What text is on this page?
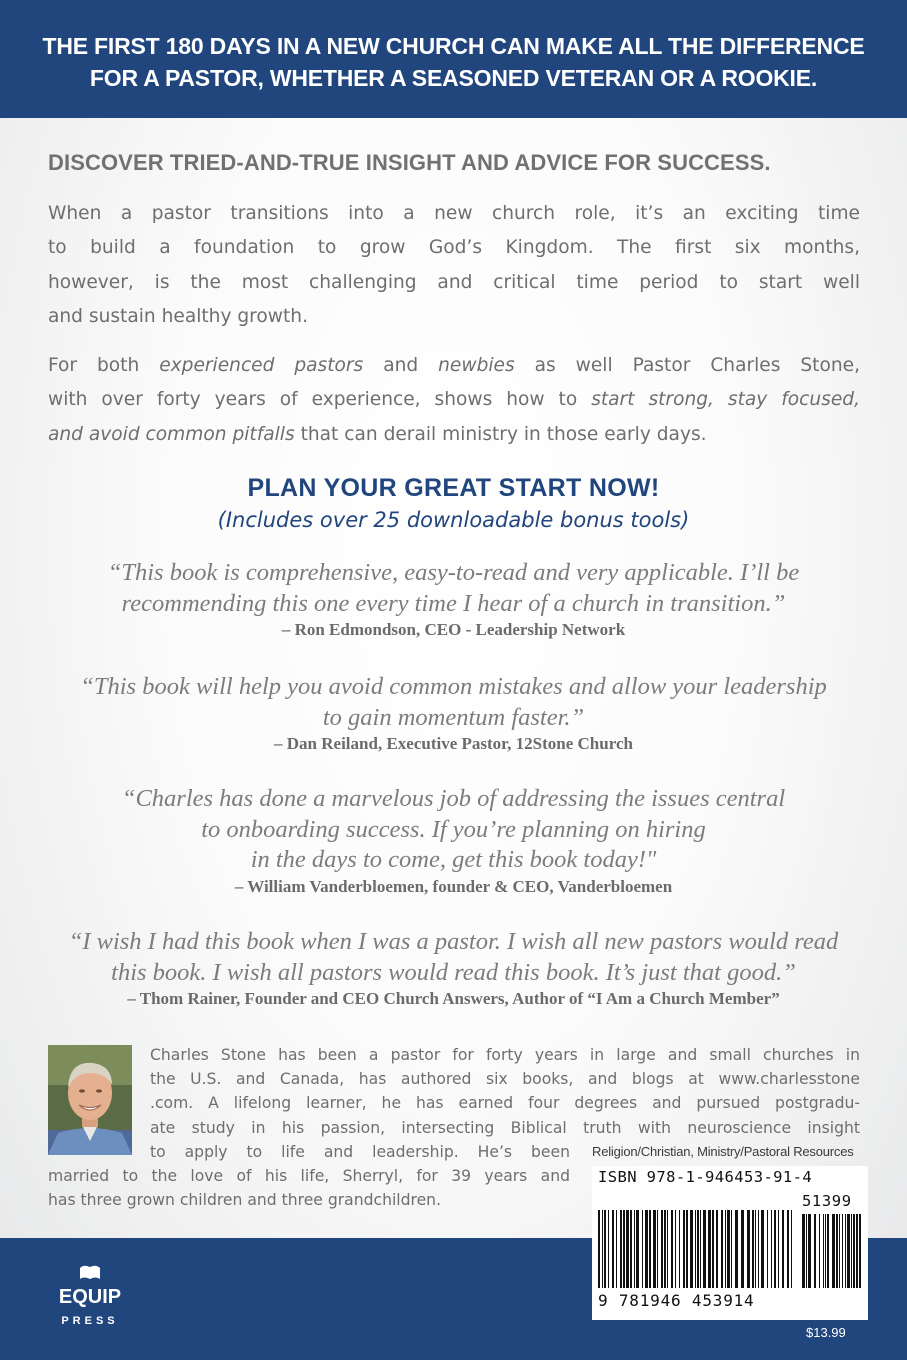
THE FIRST 180 DAYS IN A NEW CHURCH CAN MAKE ALL THE DIFFERENCE
FOR A PASTOR, WHETHER A SEASONED VETERAN OR A ROOKIE.
DISCOVER TRIED-AND-TRUE INSIGHT AND ADVICE FOR SUCCESS.
When a pastor transitions into a new church role, it’s an exciting time
to build a foundation to grow God’s Kingdom. The first six months,
however, is the most challenging and critical time period to start well
and sustain healthy growth.
For both experienced pastors and newbies as well Pastor Charles Stone,
with over forty years of experience, shows how to start strong, stay focused,
and avoid common pitfalls that can derail ministry in those early days.
PLAN YOUR GREAT START NOW!
(Includes over 25 downloadable bonus tools)
“This book is comprehensive, easy-to-read and very applicable. I’ll be
recommending this one every time I hear of a church in transition.”
– Ron Edmondson, CEO - Leadership Network
“This book will help you avoid common mistakes and allow your leadership
to gain momentum faster.”
– Dan Reiland, Executive Pastor, 12Stone Church
“Charles has done a marvelous job of addressing the issues central
to onboarding success. If you’re planning on hiring
in the days to come, get this book today!"
– William Vanderbloemen, founder & CEO, Vanderbloemen
“I wish I had this book when I was a pastor. I wish all new pastors would read
this book. I wish all pastors would read this book. It’s just that good.”
– Thom Rainer, Founder and CEO Church Answers, Author of “I Am a Church Member”
Charles Stone has been a pastor for forty years in large and small churches in
the U.S. and Canada, has authored six books, and blogs at www.charlesstone
.com. A lifelong learner, he has earned four degrees and pursued postgradu-
ate study in his passion, intersecting Biblical truth with neuroscience insight
to apply to life and leadership. He’s been
married to the love of his life, Sherryl, for 39 years and
has three grown children and three grandchildren.
Religion/Christian, Ministry/Pastoral Resources
EQUIP
PRESS
ISBN 978-1-946453-91-4
51399
9 781946 453914
$13.99
